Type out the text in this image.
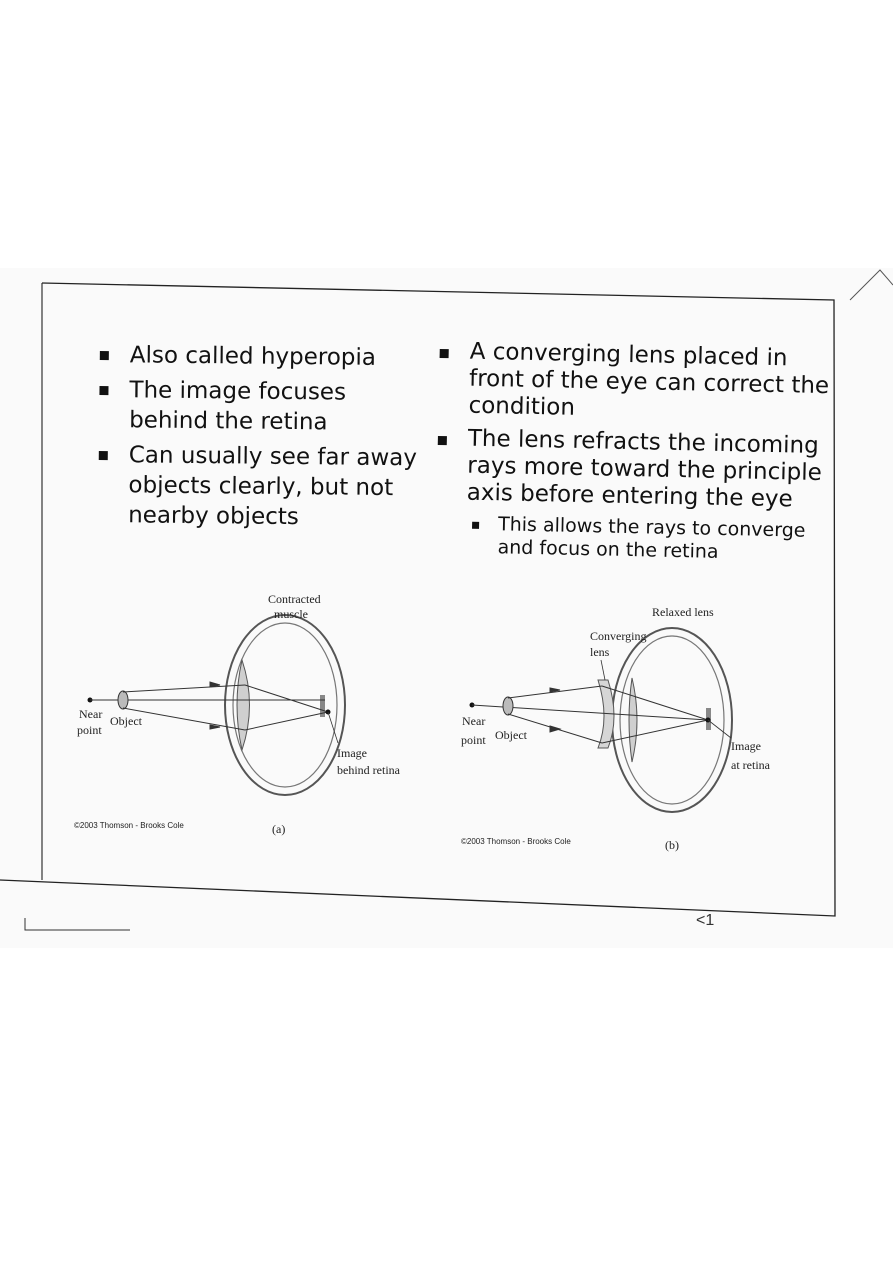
Also called hyperopia
The image focuses behind the retina
Can usually see far away objects clearly, but not nearby objects
A converging lens placed in front of the eye can correct the condition
The lens refracts the incoming rays more toward the principle axis before entering the eye
This allows the rays to converge and focus on the retina
Contracted
muscle
Near
point
Object
Image
behind retina
©2003 Thomson - Brooks Cole	(a)
Relaxed lens
Converging
lens
Near
point Object
Image
at retina
©2003 Thomson - Brooks Cole	(b)
<1
